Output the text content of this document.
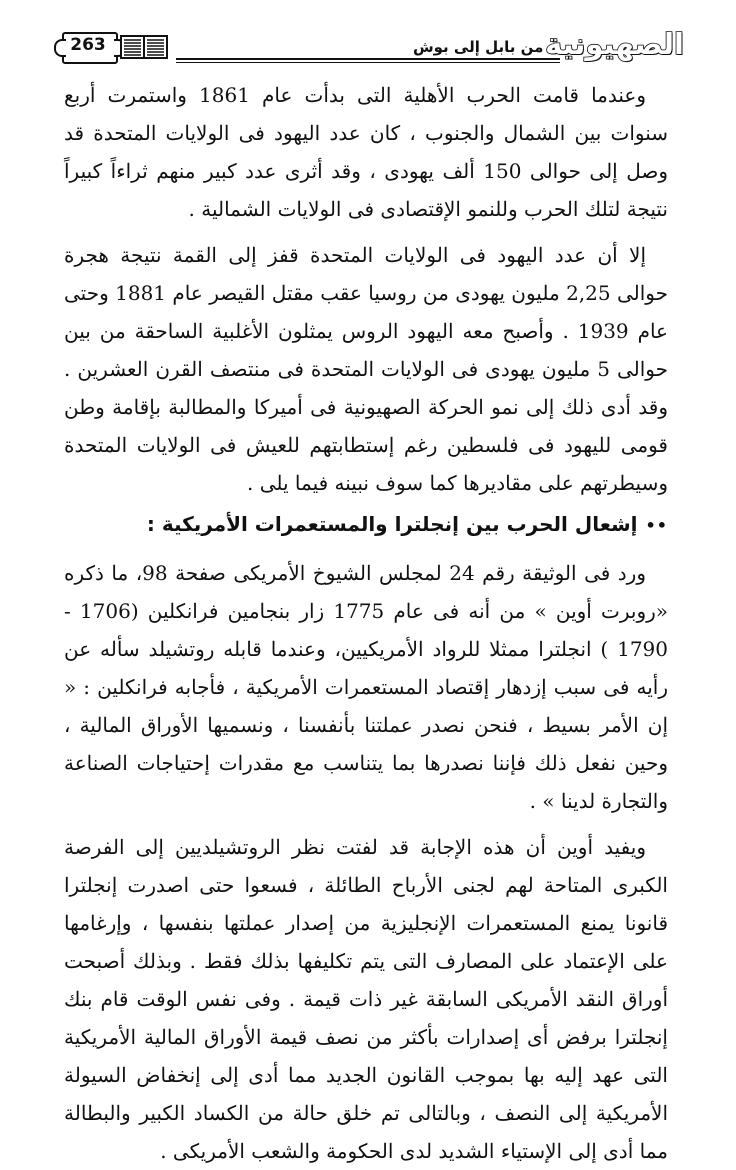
263	.. من بابل إلى بوش
الصهيونية

وعندما قامت الحرب الأهلية التى بدأت عام 1861 واستمرت أربع سنوات بين الشمال والجنوب ، كان عدد اليهود فى الولايات المتحدة قد وصل إلى حوالى 150 ألف يهودى ، وقد أثرى عدد كبير منهم ثراءاً كبيراً نتيجة لتلك الحرب وللنمو الإقتصادى فى الولايات الشمالية .

إلا أن عدد اليهود فى الولايات المتحدة قفز إلى القمة نتيجة هجرة حوالى 2,25 مليون يهودى من روسيا عقب مقتل القيصر عام 1881 وحتى عام 1939 . وأصبح معه اليهود الروس يمثلون الأغلبية الساحقة من بين حوالى 5 مليون يهودى فى الولايات المتحدة فى منتصف القرن العشرين . وقد أدى ذلك إلى نمو الحركة الصهيونية فى أميركا والمطالبة بإقامة وطن قومى لليهود فى فلسطين رغم إستطابتهم للعيش فى الولايات المتحدة وسيطرتهم على مقاديرها كما سوف نبينه فيما يلى .

••إشعال الحرب بين إنجلترا والمستعمرات الأمريكية :

ورد فى الوثيقة رقم 24 لمجلس الشيوخ الأمريكى صفحة 98، ما ذكره «روبرت أوين » من أنه فى عام 1775 زار بنجامين فرانكلين (1706 - 1790 ) انجلترا ممثلا للرواد الأمريكيين، وعندما قابله روتشيلد سأله عن رأيه فى سبب إزدهار إقتصاد المستعمرات الأمريكية ، فأجابه فرانكلين : « إن الأمر بسيط ، فنحن نصدر عملتنا بأنفسنا ، ونسميها الأوراق المالية ، وحين نفعل ذلك فإننا نصدرها بما يتناسب مع مقدرات إحتياجات الصناعة والتجارة لدينا » .

ويفيد أوين أن هذه الإجابة قد لفتت نظر الروتشيلديين إلى الفرصة الكبرى المتاحة لهم لجنى الأرباح الطائلة ، فسعوا حتى اصدرت إنجلترا قانونا يمنع المستعمرات الإنجليزية من إصدار عملتها بنفسها ، وإرغامها على الإعتماد على المصارف التى يتم تكليفها بذلك فقط . وبذلك أصبحت أوراق النقد الأمريكى السابقة غير ذات قيمة . وفى نفس الوقت قام بنك إنجلترا برفض أى إصدارات بأكثر من نصف قيمة الأوراق المالية الأمريكية التى عهد إليه بها بموجب القانون الجديد مما أدى إلى إنخفاض السيولة الأمريكية إلى النصف ، وبالتالى تم خلق حالة من الكساد الكبير والبطالة مما أدى إلى الإستياء الشديد لدى الحكومة والشعب الأمريكى .
